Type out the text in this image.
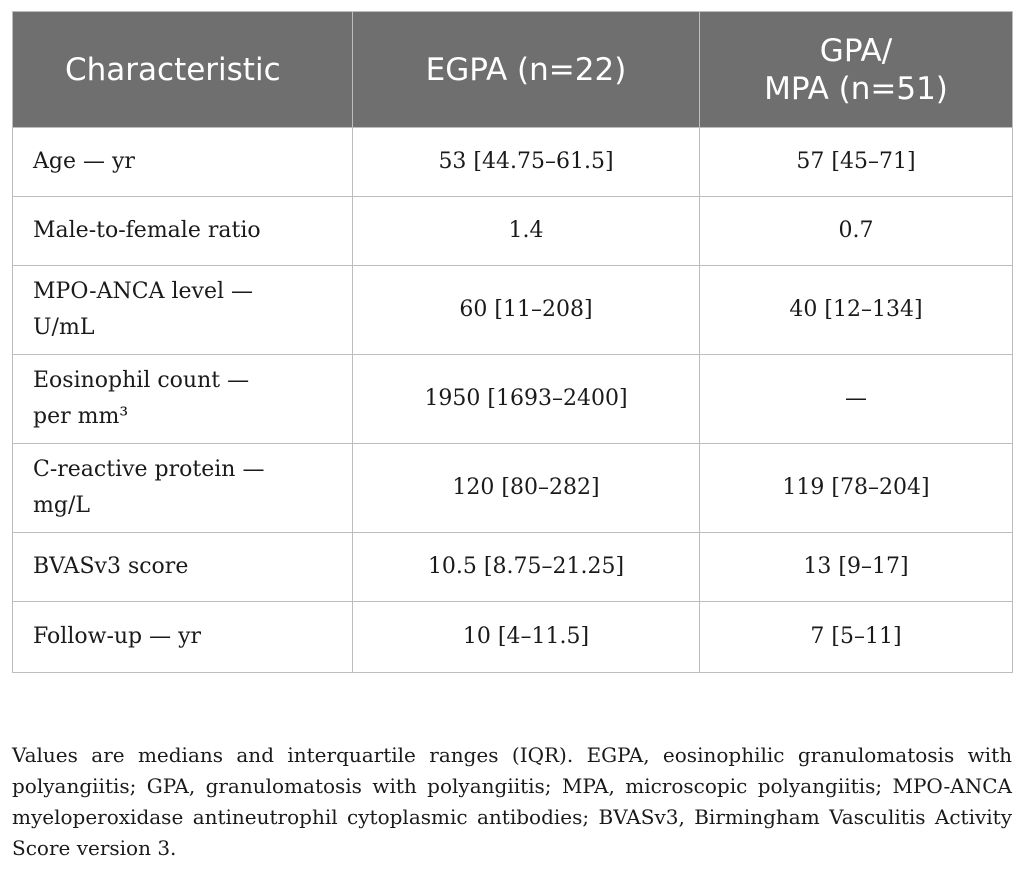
Characteristic	EGPA (n=22)	GPA/
MPA (n=51)
Age — yr	53 [44.75–61.5]	57 [45–71]
Male-to-female ratio	1.4	0.7
MPO-ANCA level —
U/mL	60 [11–208]	40 [12–134]
Eosinophil count —
per mm³	1950 [1693–2400]	—
C-reactive protein —
mg/L	120 [80–282]	119 [78–204]
BVASv3 score	10.5 [8.75–21.25]	13 [9–17]
Follow-up — yr	10 [4–11.5]	7 [5–11]
Values are medians and interquartile ranges (IQR). EGPA, eosinophilic granulomatosis with polyangiitis; GPA, granulomatosis with polyangiitis; MPA, microscopic polyangiitis; MPO-ANCA myeloperoxidase antineutrophil cytoplasmic antibodies; BVASv3, Birmingham Vasculitis Activity Score version 3.
